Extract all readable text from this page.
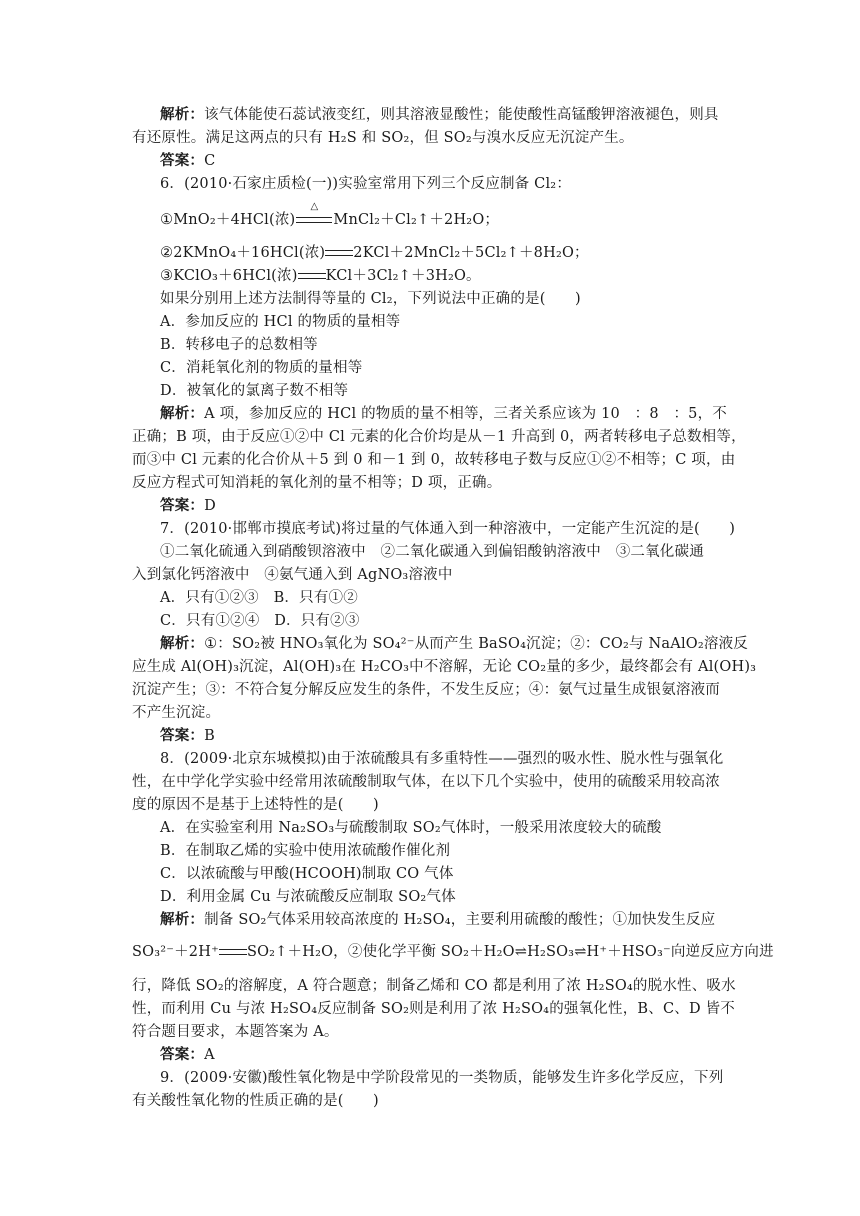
解析：该气体能使石蕊试液变红，则其溶液显酸性；能使酸性高锰酸钾溶液褪色，则具
有还原性。满足这两点的只有 H₂S 和 SO₂，但 SO₂与溴水反应无沉淀产生。
答案：C
6．(2010·石家庄质检(一))实验室常用下列三个反应制备 Cl₂：
①MnO₂＋4HCl(浓)
△
MnCl₂＋Cl₂↑＋2H₂O；
②2KMnO₄＋16HCl(浓) 2KCl＋2MnCl₂＋5Cl₂↑＋8H₂O；
③KClO₃＋6HCl(浓) KCl＋3Cl₂↑＋3H₂O。
如果分别用上述方法制得等量的 Cl₂，下列说法中正确的是(　　)
A．参加反应的 HCl 的物质的量相等
B．转移电子的总数相等
C．消耗氧化剂的物质的量相等
D．被氧化的氯离子数不相等
解析：A 项，参加反应的 HCl 的物质的量不相等，三者关系应该为 10　：8　：5，不
正确；B 项，由于反应①②中 Cl 元素的化合价均是从－1 升高到 0，两者转移电子总数相等，
而③中 Cl 元素的化合价从＋5 到 0 和－1 到 0，故转移电子数与反应①②不相等；C 项，由
反应方程式可知消耗的氧化剂的量不相等；D 项，正确。
答案：D
7．(2010·邯郸市摸底考试)将过量的气体通入到一种溶液中，一定能产生沉淀的是(　　)
①二氧化硫通入到硝酸钡溶液中　②二氧化碳通入到偏铝酸钠溶液中　③二氧化碳通
入到氯化钙溶液中　④氨气通入到 AgNO₃溶液中
A．只有①②③　B．只有①②
C．只有①②④　D．只有②③
解析：①：SO₂被 HNO₃氧化为 SO₄²⁻从而产生 BaSO₄沉淀；②：CO₂与 NaAlO₂溶液反
应生成 Al(OH)₃沉淀，Al(OH)₃在 H₂CO₃中不溶解，无论 CO₂量的多少，最终都会有 Al(OH)₃
沉淀产生；③：不符合复分解反应发生的条件，不发生反应；④：氨气过量生成银氨溶液而
不产生沉淀。
答案：B
8．(2009·北京东城模拟)由于浓硫酸具有多重特性——强烈的吸水性、脱水性与强氧化
性，在中学化学实验中经常用浓硫酸制取气体，在以下几个实验中，使用的硫酸采用较高浓
度的原因不是基于上述特性的是(　　)
A．在实验室利用 Na₂SO₃与硫酸制取 SO₂气体时，一般采用浓度较大的硫酸
B．在制取乙烯的实验中使用浓硫酸作催化剂
C．以浓硫酸与甲酸(HCOOH)制取 CO 气体
D．利用金属 Cu 与浓硫酸反应制取 SO₂气体
解析：制备 SO₂气体采用较高浓度的 H₂SO₄，主要利用硫酸的酸性；①加快发生反应
SO₃²⁻＋2H⁺ SO₂↑＋H₂O，②使化学平衡 SO₂＋H₂O⇌H₂SO₃⇌H⁺＋HSO₃⁻向逆反应方向进
行，降低 SO₂的溶解度，A 符合题意；制备乙烯和 CO 都是利用了浓 H₂SO₄的脱水性、吸水
性，而利用 Cu 与浓 H₂SO₄反应制备 SO₂则是利用了浓 H₂SO₄的强氧化性，B、C、D 皆不
符合题目要求，本题答案为 A。
答案：A
9．(2009·安徽)酸性氧化物是中学阶段常见的一类物质，能够发生许多化学反应，下列
有关酸性氧化物的性质正确的是(　　)
